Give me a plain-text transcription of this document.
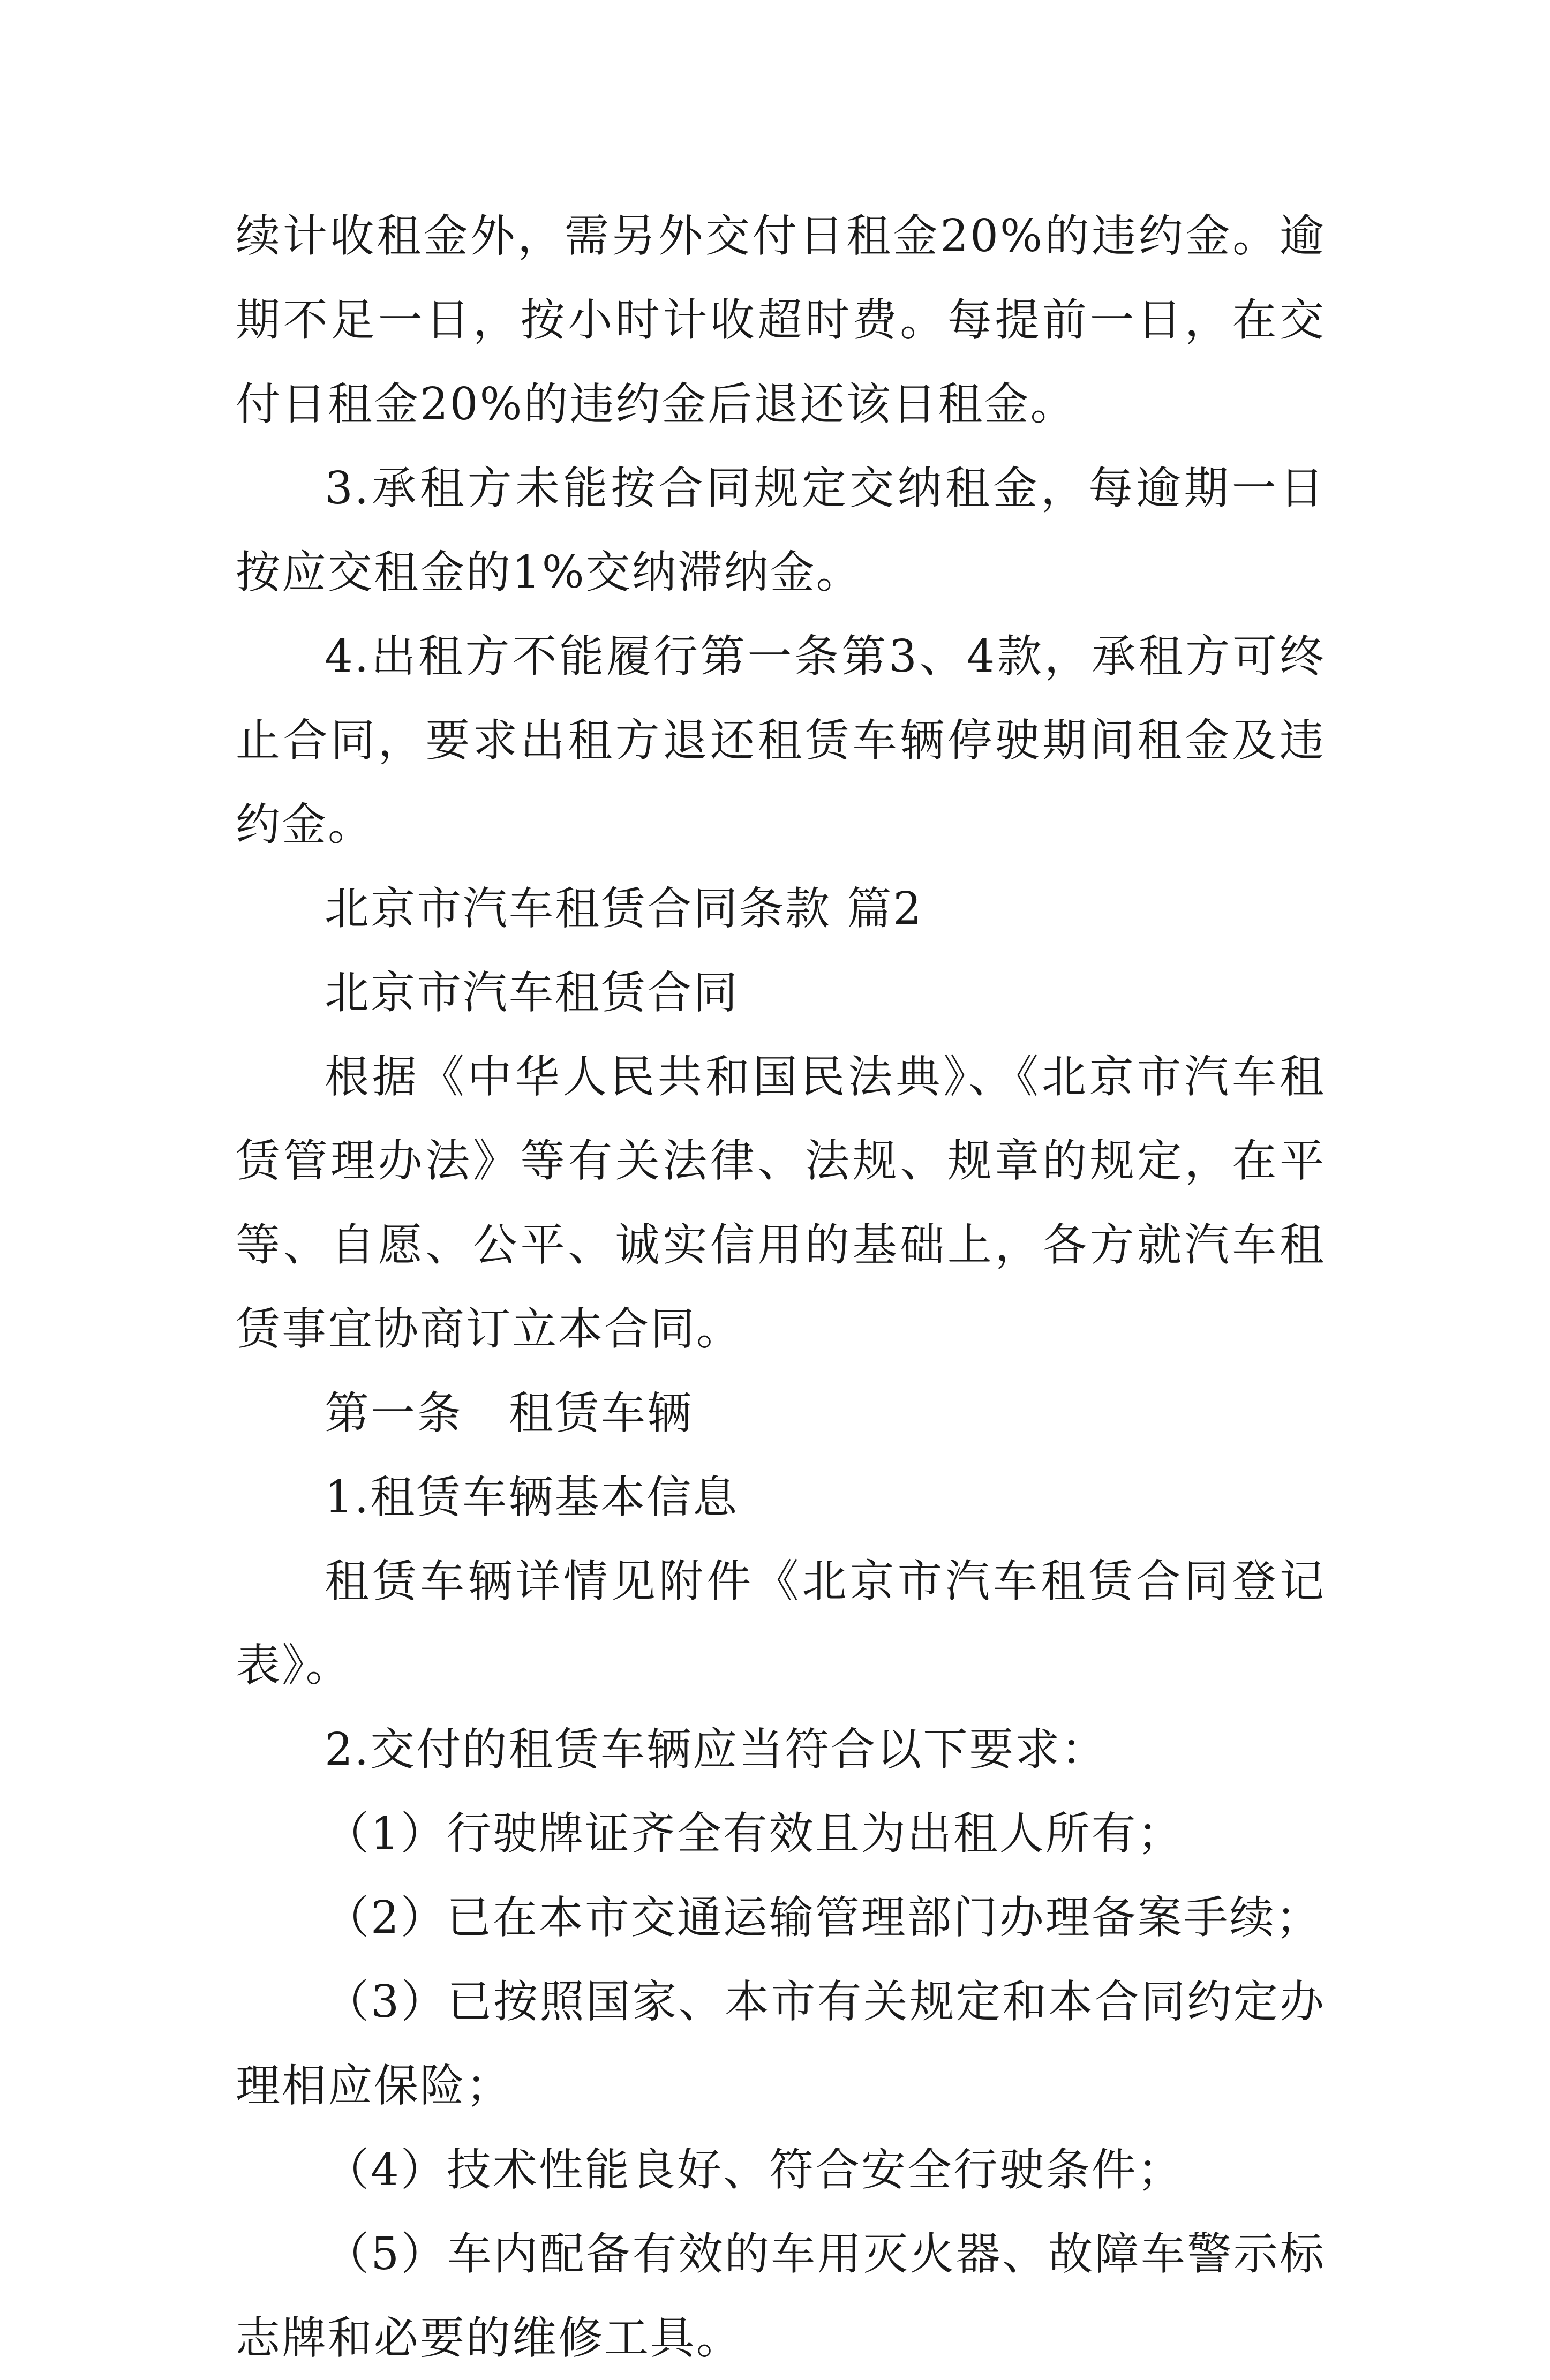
续计收租金外，需另外交付日租金20%的违约金。逾期不足一日，按小时计收超时费。每提前一日，在交付日租金20%的违约金后退还该日租金。

3.承租方未能按合同规定交纳租金，每逾期一日按应交租金的1%交纳滞纳金。

4.出租方不能履行第一条第3、4款，承租方可终止合同，要求出租方退还租赁车辆停驶期间租金及违约金。

北京市汽车租赁合同条款 篇2

北京市汽车租赁合同

根据《中华人民共和国民法典》、《北京市汽车租赁管理办法》等有关法律、法规、规章的规定，在平等、自愿、公平、诚实信用的基础上，各方就汽车租赁事宜协商订立本合同。

第一条　租赁车辆

1.租赁车辆基本信息

租赁车辆详情见附件《北京市汽车租赁合同登记表》。

2.交付的租赁车辆应当符合以下要求：

（1）行驶牌证齐全有效且为出租人所有；

（2）已在本市交通运输管理部门办理备案手续；

（3）已按照国家、本市有关规定和本合同约定办理相应保险；

（4）技术性能良好、符合安全行驶条件；

（5）车内配备有效的车用灭火器、故障车警示标志牌和必要的维修工具。
